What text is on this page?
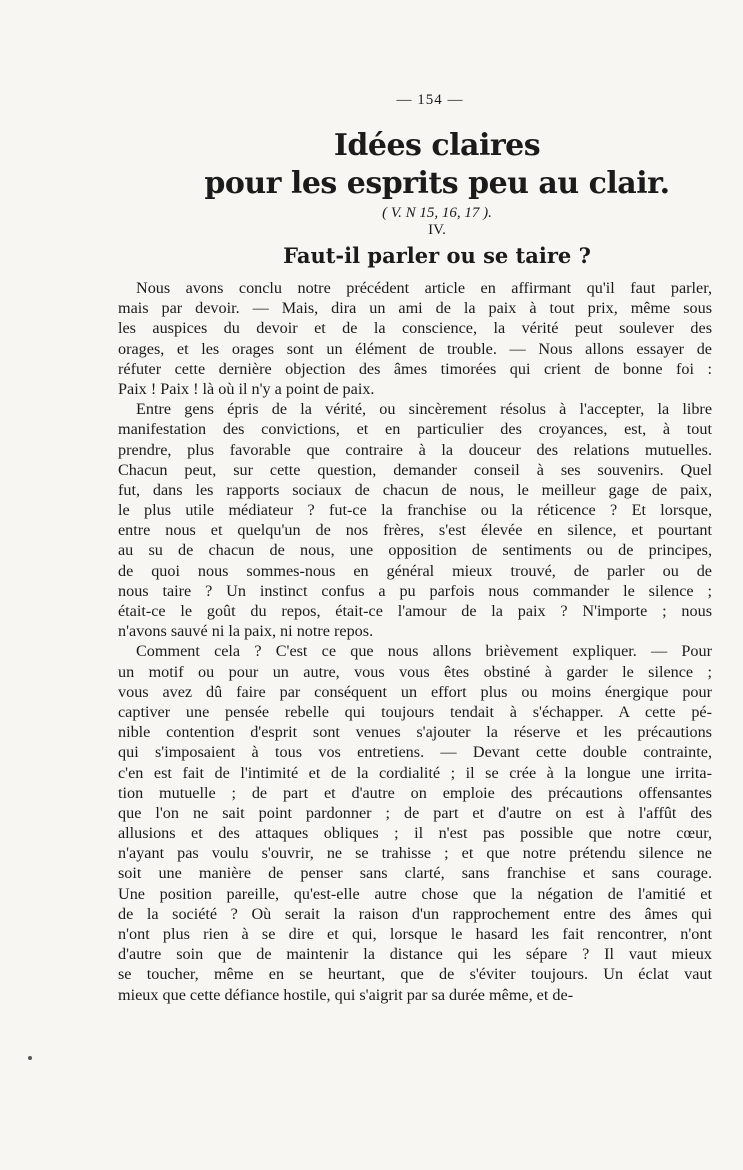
— 154 —
Idées claires
pour les esprits peu au clair.
( V. N 15, 16, 17 ).
IV.
Faut-il parler ou se taire ?
Nous avons conclu notre précédent article en affirmant qu'il faut parler,
mais par devoir. — Mais, dira un ami de la paix à tout prix, même sous
les auspices du devoir et de la conscience, la vérité peut soulever des
orages, et les orages sont un élément de trouble. — Nous allons essayer de
réfuter cette dernière objection des âmes timorées qui crient de bonne foi :
Paix ! Paix ! là où il n'y a point de paix.
Entre gens épris de la vérité, ou sincèrement résolus à l'accepter, la libre
manifestation des convictions, et en particulier des croyances, est, à tout
prendre, plus favorable que contraire à la douceur des relations mutuelles.
Chacun peut, sur cette question, demander conseil à ses souvenirs. Quel
fut, dans les rapports sociaux de chacun de nous, le meilleur gage de paix,
le plus utile médiateur ? fut-ce la franchise ou la réticence ? Et lorsque,
entre nous et quelqu'un de nos frères, s'est élevée en silence, et pourtant
au su de chacun de nous, une opposition de sentiments ou de principes,
de quoi nous sommes-nous en général mieux trouvé, de parler ou de
nous taire ? Un instinct confus a pu parfois nous commander le silence ;
était-ce le goût du repos, était-ce l'amour de la paix ? N'importe ; nous
n'avons sauvé ni la paix, ni notre repos.
Comment cela ? C'est ce que nous allons brièvement expliquer. — Pour
un motif ou pour un autre, vous vous êtes obstiné à garder le silence ;
vous avez dû faire par conséquent un effort plus ou moins énergique pour
captiver une pensée rebelle qui toujours tendait à s'échapper. A cette pé-
nible contention d'esprit sont venues s'ajouter la réserve et les précautions
qui s'imposaient à tous vos entretiens. — Devant cette double contrainte,
c'en est fait de l'intimité et de la cordialité ; il se crée à la longue une irrita-
tion mutuelle ; de part et d'autre on emploie des précautions offensantes
que l'on ne sait point pardonner ; de part et d'autre on est à l'affût des
allusions et des attaques obliques ; il n'est pas possible que notre cœur,
n'ayant pas voulu s'ouvrir, ne se trahisse ; et que notre prétendu silence ne
soit une manière de penser sans clarté, sans franchise et sans courage.
Une position pareille, qu'est-elle autre chose que la négation de l'amitié et
de la société ? Où serait la raison d'un rapprochement entre des âmes qui
n'ont plus rien à se dire et qui, lorsque le hasard les fait rencontrer, n'ont
d'autre soin que de maintenir la distance qui les sépare ? Il vaut mieux
se toucher, même en se heurtant, que de s'éviter toujours. Un éclat vaut
mieux que cette défiance hostile, qui s'aigrit par sa durée même, et de-
